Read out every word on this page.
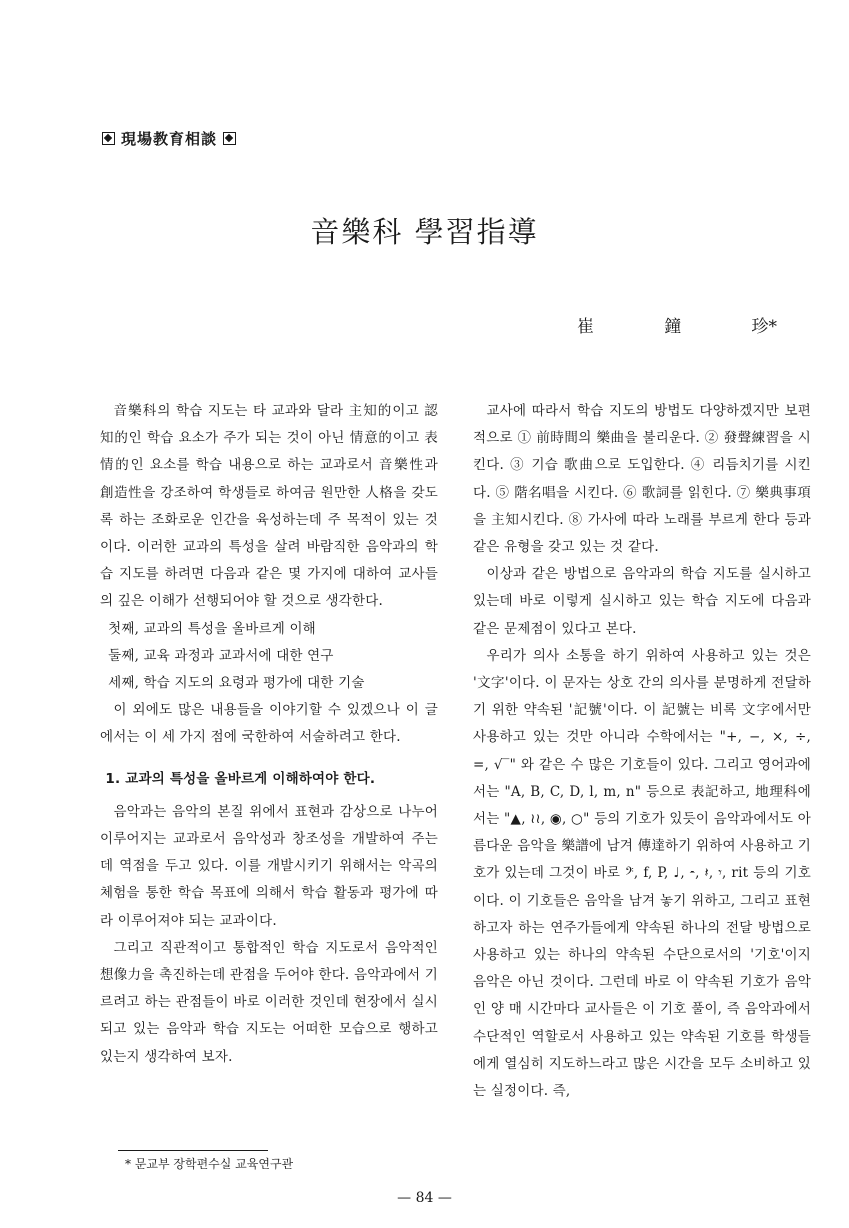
現場教育相談
音樂科 學習指導
崔	鐘	珍*

音樂科의 학습 지도는 타 교과와 달라 主知的이고 認知的인 학습 요소가 주가 되는 것이 아닌 情意的이고 表情的인 요소를 학습 내용으로 하는 교과로서 音樂性과 創造性을 강조하여 학생들로 하여금 원만한 人格을 갖도록 하는 조화로운 인간을 육성하는데 주 목적이 있는 것이다. 이러한 교과의 특성을 살려 바람직한 음악과의 학습 지도를 하려면 다음과 같은 몇 가지에 대하여 교사들의 깊은 이해가 선행되어야 할 것으로 생각한다.

첫째, 교과의 특성을 올바르게 이해

둘째, 교육 과정과 교과서에 대한 연구

세째, 학습 지도의 요령과 평가에 대한 기술

이 외에도 많은 내용들을 이야기할 수 있겠으나 이 글에서는 이 세 가지 점에 국한하여 서술하려고 한다.

1. 교과의 특성을 올바르게 이해하여야 한다.

음악과는 음악의 본질 위에서 표현과 감상으로 나누어 이루어지는 교과로서 음악성과 창조성을 개발하여 주는데 역점을 두고 있다. 이를 개발시키기 위해서는 악곡의 체험을 통한 학습 목표에 의해서 학습 활동과 평가에 따라 이루어져야 되는 교과이다.

그리고 직관적이고 통합적인 학습 지도로서 음악적인 想像力을 촉진하는데 관점을 두어야 한다. 음악과에서 기르려고 하는 관점들이 바로 이러한 것인데 현장에서 실시되고 있는 음악과 학습 지도는 어떠한 모습으로 행하고 있는지 생각하여 보자.

교사에 따라서 학습 지도의 방법도 다양하겠지만 보편적으로 ① 前時間의 樂曲을 불리운다. ② 發聲練習을 시킨다. ③ 기습 歌曲으로 도입한다. ④ 리듬치기를 시킨다. ⑤ 階名唱을 시킨다. ⑥ 歌詞를 읽힌다. ⑦ 樂典事項을 主知시킨다. ⑧ 가사에 따라 노래를 부르게 한다 등과 같은 유형을 갖고 있는 것 같다.

이상과 같은 방법으로 음악과의 학습 지도를 실시하고 있는데 바로 이렇게 실시하고 있는 학습 지도에 다음과 같은 문제점이 있다고 본다.

우리가 의사 소통을 하기 위하여 사용하고 있는 것은 '文字'이다. 이 문자는 상호 간의 의사를 분명하게 전달하기 위한 약속된 '記號'이다. 이 記號는 비록 文字에서만 사용하고 있는 것만 아니라 수학에서는 "+, −, ×, ÷, =, √‾" 와 같은 수 많은 기호들이 있다. 그리고 영어과에서는 "A, B, C, D, l, m, n" 등으로 表記하고, 地理科에서는 "▲, ≀≀, ◉, ○" 등의 기호가 있듯이 음악과에서도 아름다운 음악을 樂譜에 남겨 傳達하기 위하여 사용하고 기호가 있는데 그것이 바로 𝄢, f, P, ♩, 𝄼, 𝄽, 𝄾, rit 등의 기호이다. 이 기호들은 음악을 남겨 놓기 위하고, 그리고 표현하고자 하는 연주가들에게 약속된 하나의 전달 방법으로 사용하고 있는 하나의 약속된 수단으로서의 '기호'이지 음악은 아닌 것이다. 그런데 바로 이 약속된 기호가 음악인 양 매 시간마다 교사들은 이 기호 풀이, 즉 음악과에서 수단적인 역할로서 사용하고 있는 약속된 기호를 학생들에게 열심히 지도하느라고 많은 시간을 모두 소비하고 있는 실정이다. 즉,

* 문교부 장학편수실 교육연구관
— 84 —
